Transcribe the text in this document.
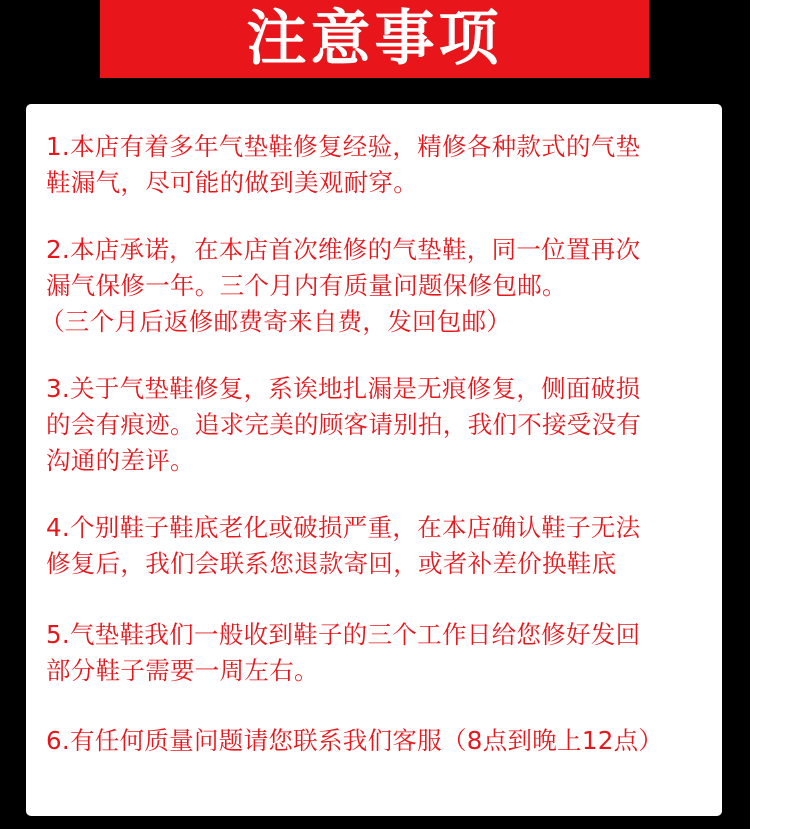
注意事项

1.本店有着多年气垫鞋修复经验，精修各种款式的气垫
鞋漏气，尽可能的做到美观耐穿。

2.本店承诺，在本店首次维修的气垫鞋，同一位置再次
漏气保修一年。三个月内有质量问题保修包邮。
（三个月后返修邮费寄来自费，发回包邮）

3.关于气垫鞋修复，系诶地扎漏是无痕修复，侧面破损
的会有痕迹。追求完美的顾客请别拍，我们不接受没有
沟通的差评。

4.个别鞋子鞋底老化或破损严重，在本店确认鞋子无法
修复后，我们会联系您退款寄回，或者补差价换鞋底

5.气垫鞋我们一般收到鞋子的三个工作日给您修好发回
部分鞋子需要一周左右。

6.有任何质量问题请您联系我们客服（8点到晚上12点）
